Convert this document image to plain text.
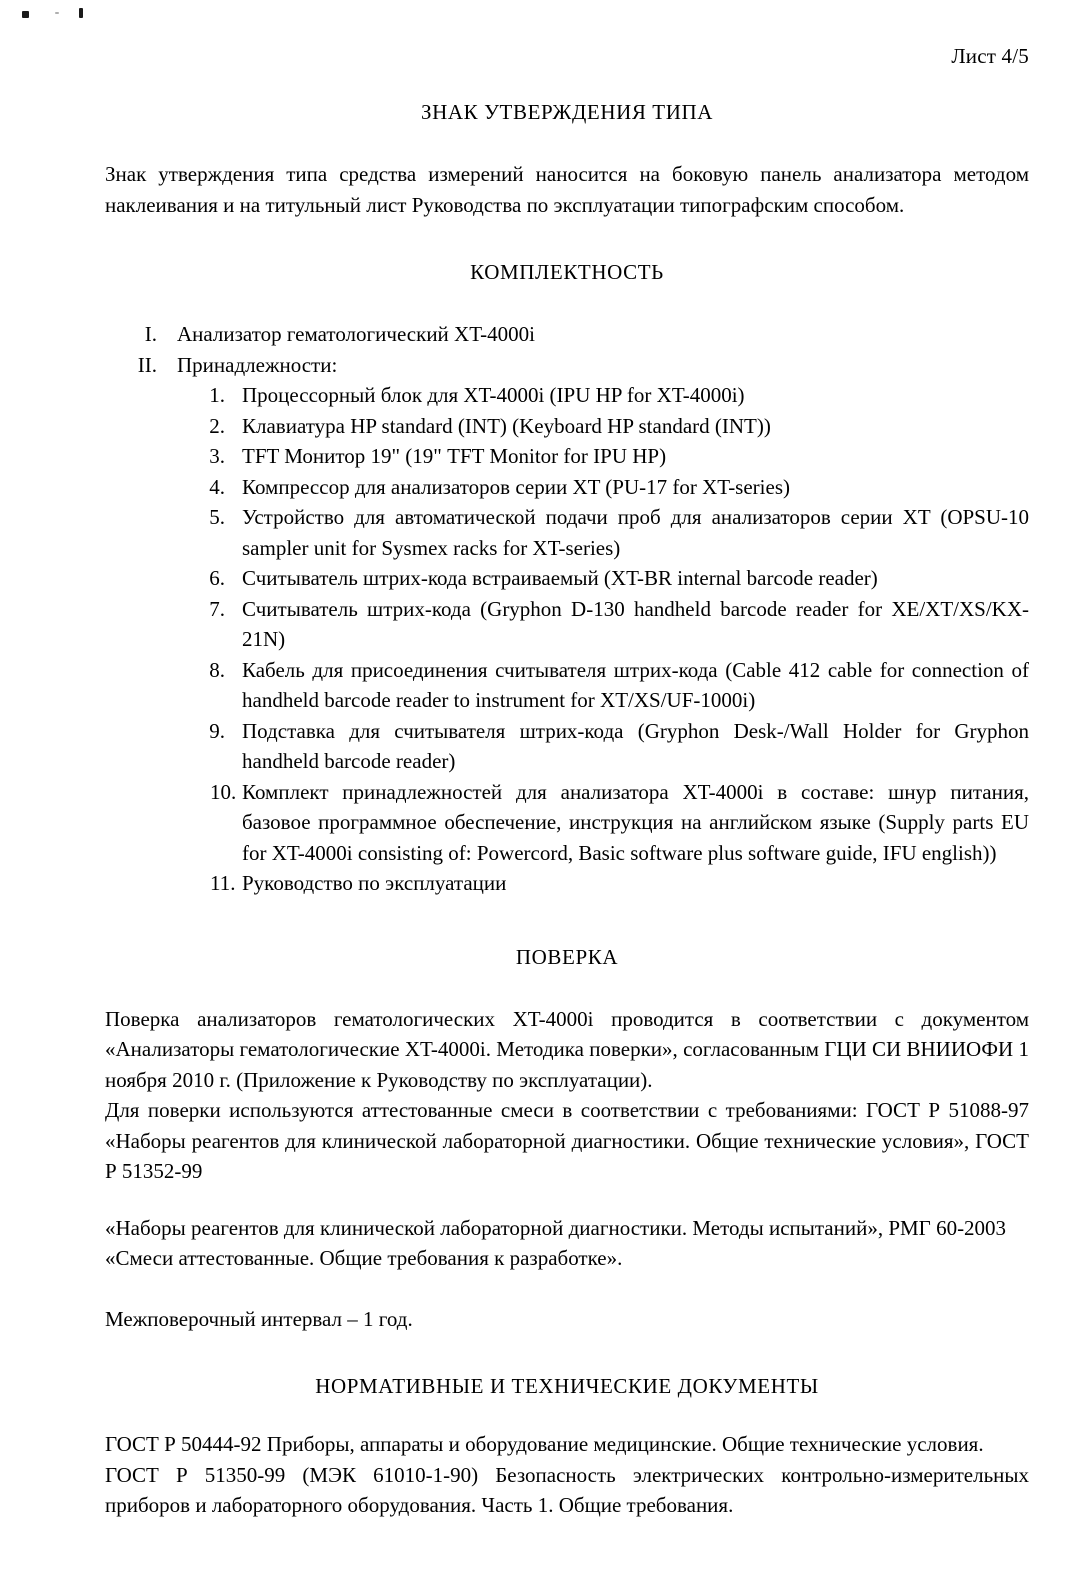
Лист 4/5
ЗНАК УТВЕРЖДЕНИЯ ТИПА

Знак утверждения типа средства измерений наносится на боковую панель анализатора методом наклеивания и на титульный лист Руководства по эксплуатации типографским способом.

КОМПЛЕКТНОСТЬ
I. Анализатор гематологический XT-4000i
II. Принадлежности:
1. Процессорный блок для XT-4000i (IPU HP for XT-4000i)
2. Клавиатура HP standard (INT) (Keyboard HP standard (INT))
3. TFT Монитор 19" (19" TFT Monitor for IPU HP)
4. Компрессор для анализаторов серии XT (PU-17 for XT-series)
5. Устройство для автоматической подачи проб для анализаторов серии XT (OPSU-10 sampler unit for Sysmex racks for XT-series)
6. Считыватель штрих-кода встраиваемый (XT-BR internal barcode reader)
7. Считыватель штрих-кода (Gryphon D-130 handheld barcode reader for XE/XT/XS/KX-21N)
8. Кабель для присоединения считывателя штрих-кода (Cable 412 cable for connection of handheld barcode reader to instrument for XT/XS/UF-1000i)
9. Подставка для считывателя штрих-кода (Gryphon Desk-/Wall Holder for Gryphon handheld barcode reader)
10. Комплект принадлежностей для анализатора XT-4000i в составе: шнур питания, базовое программное обеспечение, инструкция на английском языке (Supply parts EU for XT-4000i consisting of: Powercord, Basic software plus software guide, IFU english))
11. Руководство по эксплуатации
ПОВЕРКА

Поверка анализаторов гематологических XT-4000i проводится в соответствии с документом «Анализаторы гематологические XT-4000i. Методика поверки», согласованным ГЦИ СИ ВНИИОФИ 1 ноября 2010 г. (Приложение к Руководству по эксплуатации).

Для поверки используются аттестованные смеси в соответствии с требованиями: ГОСТ Р 51088-97 «Наборы реагентов для клинической лабораторной диагностики. Общие технические условия», ГОСТ Р 51352-99

«Наборы реагентов для клинической лабораторной диагностики. Методы испытаний», РМГ 60-2003 «Смеси аттестованные. Общие требования к разработке».

Межповерочный интервал – 1 год.

НОРМАТИВНЫЕ И ТЕХНИЧЕСКИЕ ДОКУМЕНТЫ

ГОСТ Р 50444-92 Приборы, аппараты и оборудование медицинские. Общие технические условия.

ГОСТ Р 51350-99 (МЭК 61010-1-90) Безопасность электрических контрольно-измерительных приборов и лабораторного оборудования. Часть 1. Общие требования.
